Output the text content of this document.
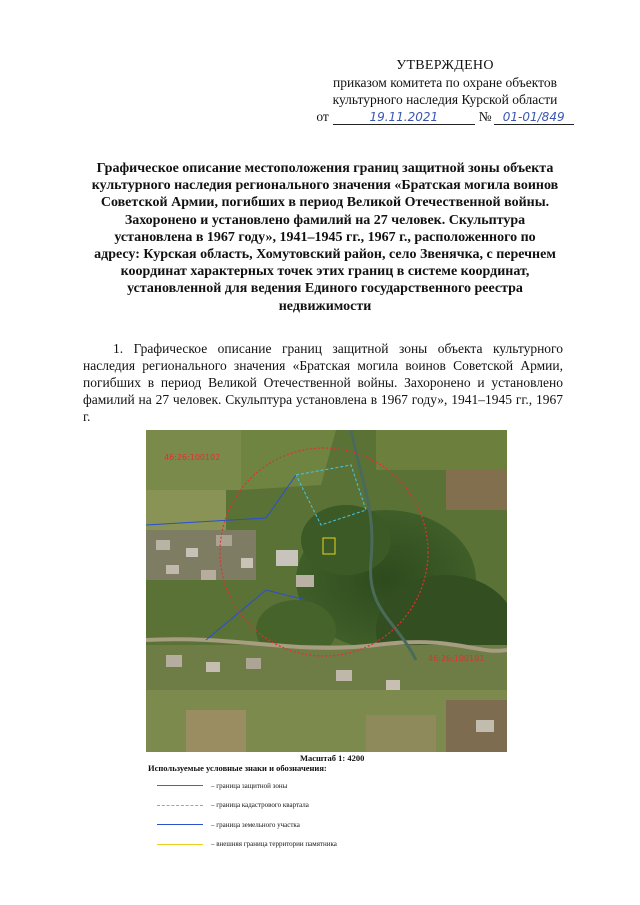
УТВЕРЖДЕНО
приказом комитета по охране объектов
культурного наследия Курской области
от	19.11.2021	№ 01-01/849
Графическое описание местоположения границ защитной зоны объекта культурного наследия регионального значения «Братская могила воинов Советской Армии, погибших в период Великой Отечественной войны. Захоронено и установлено фамилий на 27 человек. Скульптура установлена в 1967 году», 1941–1945 гг., 1967 г., расположенного по адресу: Курская область, Хомутовский район, село Звенячка, с перечнем координат характерных точек этих границ в системе координат, установленной для ведения Единого государственного реестра недвижимости
1. Графическое описание границ защитной зоны объекта культурного наследия регионального значения «Братская могила воинов Советской Армии, погибших в период Великой Отечественной войны. Захоронено и установлено фамилий на 27 человек. Скульптура установлена в 1967 году», 1941–1945 гг., 1967 г.
46:26:100102
46:26:100101
Масштаб 1: 4200
Используемые условные знаки и обозначения:
– граница защитной зоны
– граница кадастрового квартала
– граница земельного участка
– внешняя граница территории памятника
